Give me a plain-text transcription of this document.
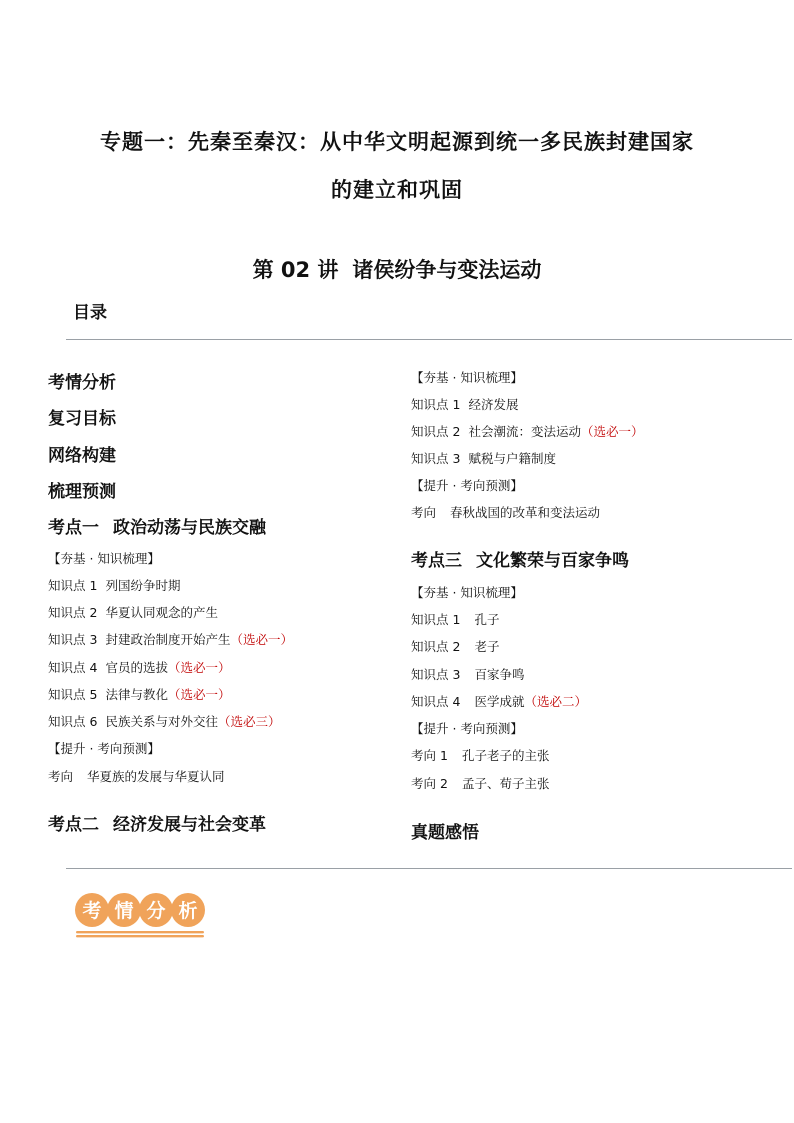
专题一：先秦至秦汉：从中华文明起源到统一多民族封建国家
的建立和巩固
第 02 讲 诸侯纷争与变法运动
目录
考情分析
复习目标
网络构建
梳理预测
考点一 政治动荡与民族交融
【夯基 · 知识梳理】
知识点 1 列国纷争时期
知识点 2 华夏认同观念的产生
知识点 3 封建政治制度开始产生（选必一）
知识点 4 官员的选拔（选必一）
知识点 5 法律与教化（选必一）
知识点 6 民族关系与对外交往（选必三）
【提升 · 考向预测】
考向 华夏族的发展与华夏认同
考点二 经济发展与社会变革
【夯基 · 知识梳理】
知识点 1 经济发展
知识点 2 社会潮流：变法运动（选必一）
知识点 3 赋税与户籍制度
【提升 · 考向预测】
考向 春秋战国的改革和变法运动
考点三 文化繁荣与百家争鸣
【夯基 · 知识梳理】
知识点 1 孔子
知识点 2 老子
知识点 3 百家争鸣
知识点 4 医学成就（选必二）
【提升 · 考向预测】
考向 1 孔子老子的主张
考向 2 孟子、荀子主张
真题感悟
考 情 分 析
